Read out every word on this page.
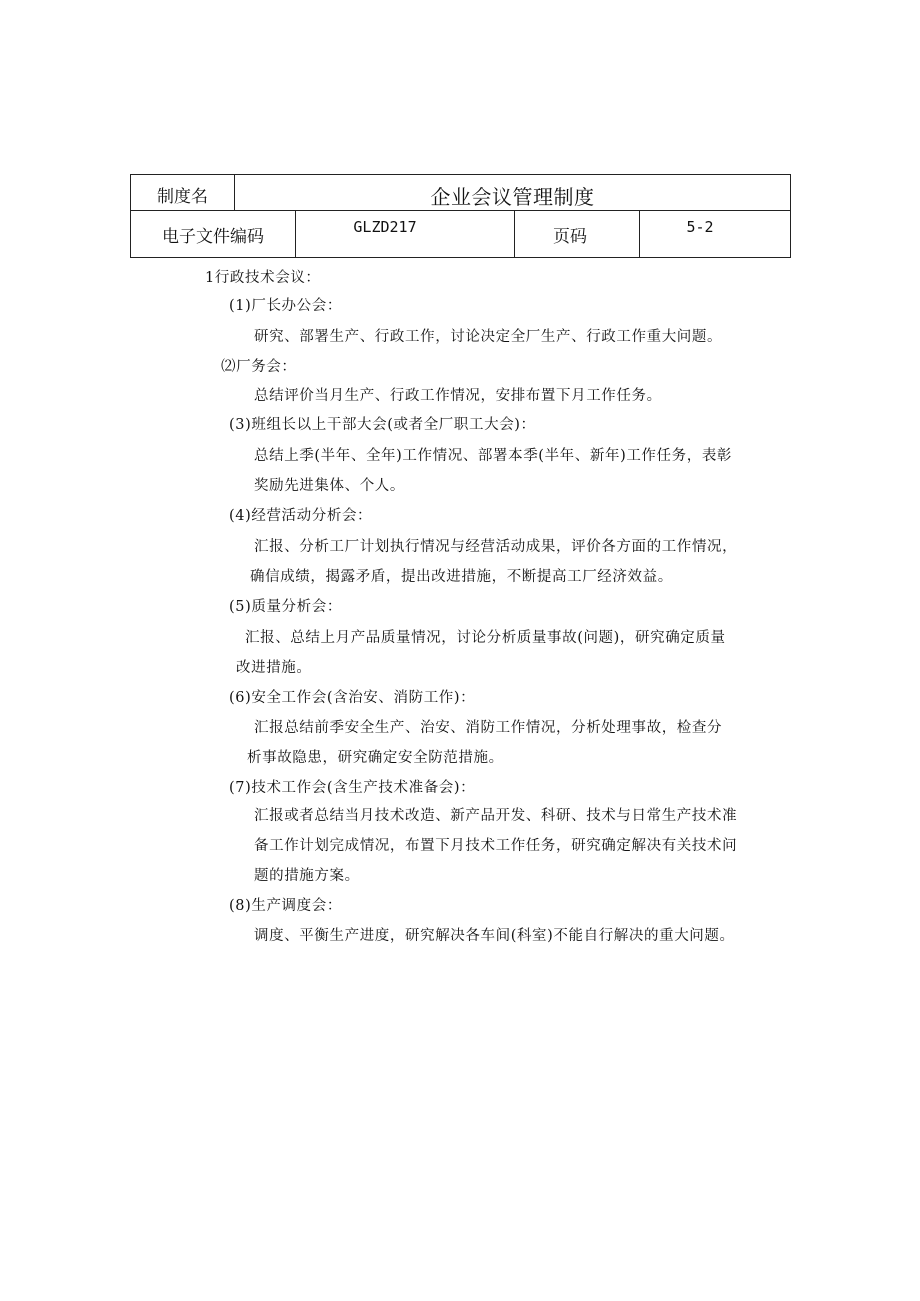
制度名	企业会议管理制度			
电子文件编码		GLZD217	页码	5-2
1行政技术会议：
(1)厂长办公会：
研究、部署生产、行政工作，讨论决定全厂生产、行政工作重大问题。
⑵厂务会：
总结评价当月生产、行政工作情况，安排布置下月工作任务。
(3)班组长以上干部大会(或者全厂职工大会)：
总结上季(半年、全年)工作情况、部署本季(半年、新年)工作任务，表彰
奖励先进集体、个人。
(4)经营活动分析会：
汇报、分析工厂计划执行情况与经营活动成果，评价各方面的工作情况，
确信成绩，揭露矛盾，提出改进措施，不断提高工厂经济效益。
(5)质量分析会：
汇报、总结上月产品质量情况，讨论分析质量事故(问题)，研究确定质量
改进措施。
(6)安全工作会(含治安、消防工作)：
汇报总结前季安全生产、治安、消防工作情况，分析处理事故，检查分
析事故隐患，研究确定安全防范措施。
(7)技术工作会(含生产技术准备会)：
汇报或者总结当月技术改造、新产品开发、科研、技术与日常生产技术准
备工作计划完成情况，布置下月技术工作任务，研究确定解决有关技术问
题的措施方案。
(8)生产调度会：
调度、平衡生产进度，研究解决各车间(科室)不能自行解决的重大问题。
